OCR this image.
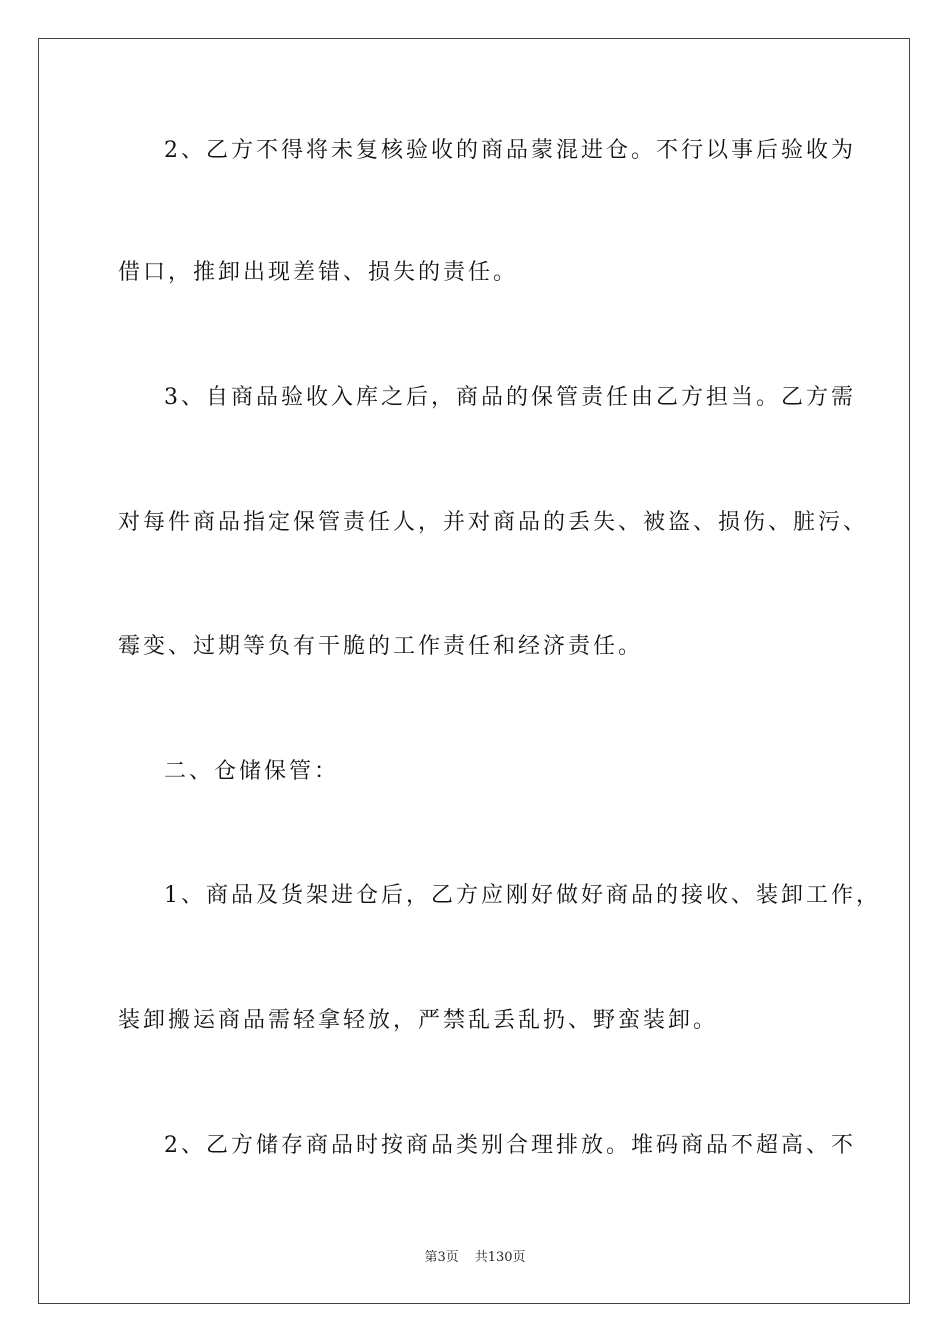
2、乙方不得将未复核验收的商品蒙混进仓。不行以事后验收为
借口，推卸出现差错、损失的责任。
3、自商品验收入库之后，商品的保管责任由乙方担当。乙方需
对每件商品指定保管责任人，并对商品的丢失、被盗、损伤、脏污、
霉变、过期等负有干脆的工作责任和经济责任。
二、仓储保管：
1、商品及货架进仓后，乙方应刚好做好商品的接收、装卸工作，
装卸搬运商品需轻拿轻放，严禁乱丢乱扔、野蛮装卸。
2、乙方储存商品时按商品类别合理排放。堆码商品不超高、不
第3页 共130页
